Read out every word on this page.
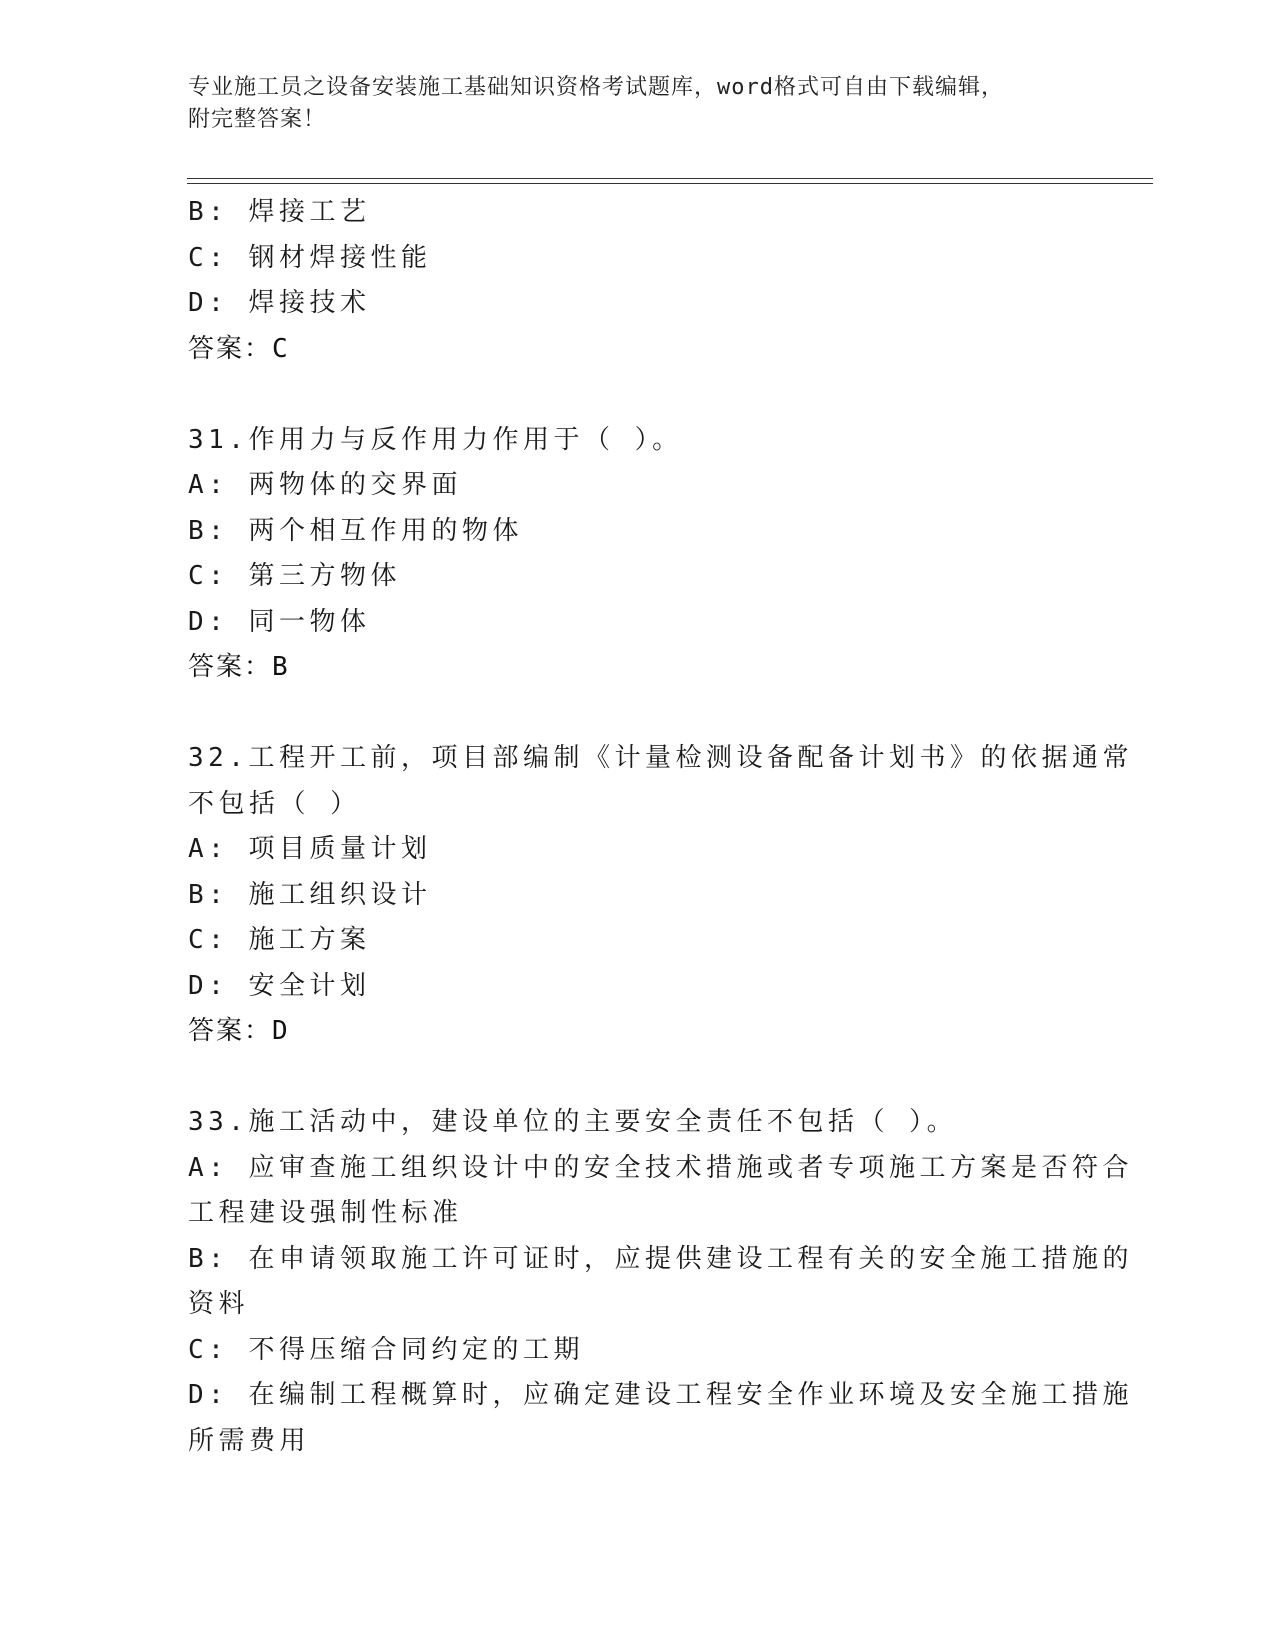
专业施工员之设备安装施工基础知识资格考试题库，word格式可自由下载编辑，
附完整答案！
B: 焊接工艺
C: 钢材焊接性能
D: 焊接技术
答案：C
31.作用力与反作用力作用于（ ）。
A: 两物体的交界面
B: 两个相互作用的物体
C: 第三方物体
D: 同一物体
答案：B
32.工程开工前，项目部编制《计量检测设备配备计划书》的依据通常
不包括（ ）
A: 项目质量计划
B: 施工组织设计
C: 施工方案
D: 安全计划
答案：D
33.施工活动中，建设单位的主要安全责任不包括（ ）。
A: 应审查施工组织设计中的安全技术措施或者专项施工方案是否符合
工程建设强制性标准
B: 在申请领取施工许可证时，应提供建设工程有关的安全施工措施的
资料
C: 不得压缩合同约定的工期
D: 在编制工程概算时，应确定建设工程安全作业环境及安全施工措施
所需费用
